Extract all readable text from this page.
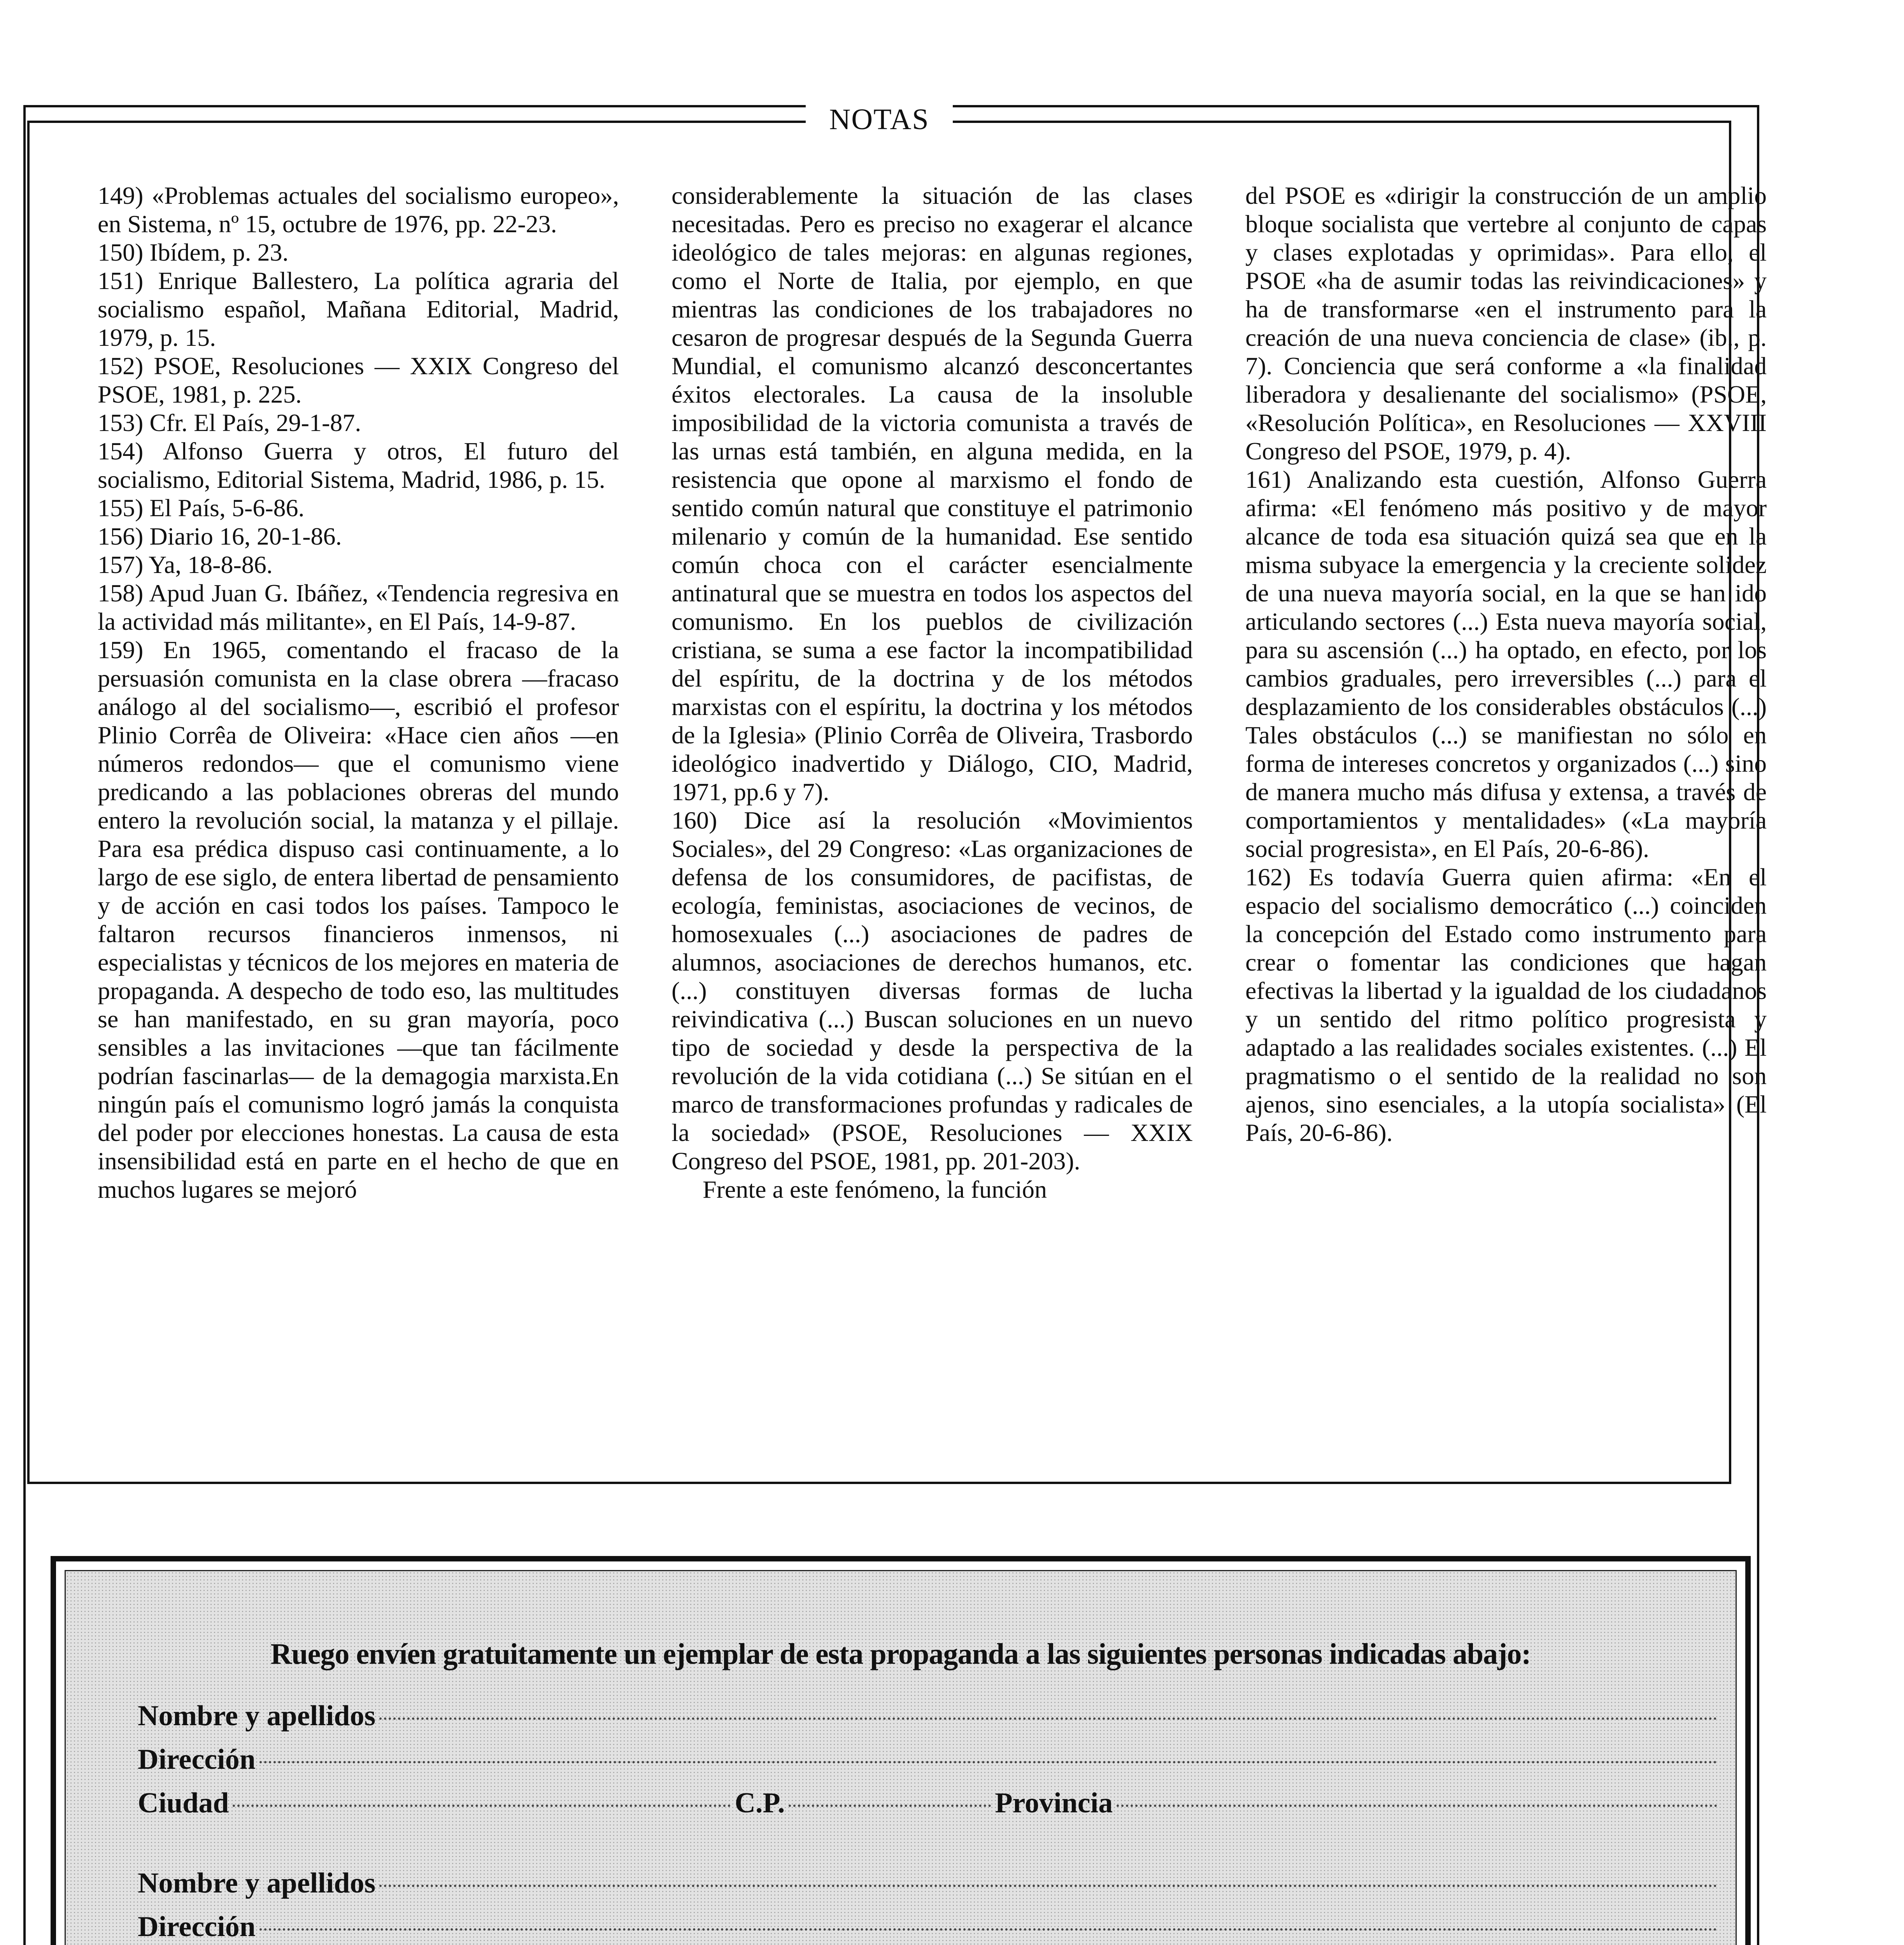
NOTAS

149) «Problemas actuales del socialismo europeo», en Sistema, nº 15, octubre de 1976, pp. 22-23.

150) Ibídem, p. 23.

151) Enrique Ballestero, La política agraria del socialismo español, Mañana Editorial, Madrid, 1979, p. 15.

152) PSOE, Resoluciones — XXIX Congreso del PSOE, 1981, p. 225.

153) Cfr. El País, 29-1-87.

154) Alfonso Guerra y otros, El futuro del socialismo, Editorial Sistema, Madrid, 1986, p. 15.

155) El País, 5-6-86.

156) Diario 16, 20-1-86.

157) Ya, 18-8-86.

158) Apud Juan G. Ibáñez, «Tendencia regresiva en la actividad más militante», en El País, 14-9-87.

159) En 1965, comentando el fracaso de la persuasión comunista en la clase obrera —fracaso análogo al del socialismo—, escribió el profesor Plinio Corrêa de Oliveira: «Hace cien años —en números redondos— que el comunismo viene predicando a las poblaciones obreras del mundo entero la revolución social, la matanza y el pillaje. Para esa prédica dispuso casi continuamente, a lo largo de ese siglo, de entera libertad de pensamiento y de acción en casi todos los países. Tampoco le faltaron recursos financieros inmensos, ni especialistas y técnicos de los mejores en materia de propaganda. A despecho de todo eso, las multitudes se han manifestado, en su gran mayoría, poco sensibles a las invitaciones —que tan fácilmente podrían fascinarlas— de la demagogia marxista.En ningún país el comunismo logró jamás la conquista del poder por elecciones honestas. La causa de esta insensibilidad está en parte en el hecho de que en muchos lugares se mejoró

considerablemente la situación de las clases necesitadas. Pero es preciso no exagerar el alcance ideológico de tales mejoras: en algunas regiones, como el Norte de Italia, por ejemplo, en que mientras las condiciones de los trabajadores no cesaron de progresar después de la Segunda Guerra Mundial, el comunismo alcanzó desconcertantes éxitos electorales. La causa de la insoluble imposibilidad de la victoria comunista a través de las urnas está también, en alguna medida, en la resistencia que opone al marxismo el fondo de sentido común natural que constituye el patrimonio milenario y común de la humanidad. Ese sentido común choca con el carácter esencialmente antinatural que se muestra en todos los aspectos del comunismo. En los pueblos de civilización cristiana, se suma a ese factor la incompatibilidad del espíritu, de la doctrina y de los métodos marxistas con el espíritu, la doctrina y los métodos de la Iglesia» (Plinio Corrêa de Oliveira, Trasbordo ideológico inadvertido y Diálogo, CIO, Madrid, 1971, pp.6 y 7).

160) Dice así la resolución «Movimientos Sociales», del 29 Congreso: «Las organizaciones de defensa de los consumidores, de pacifistas, de ecología, feministas, asociaciones de vecinos, de homosexuales (...) asociaciones de padres de alumnos, asociaciones de derechos humanos, etc. (...) constituyen diversas formas de lucha reivindicativa (...) Buscan soluciones en un nuevo tipo de sociedad y desde la perspectiva de la revolución de la vida cotidiana (...) Se sitúan en el marco de transformaciones profundas y radicales de la sociedad» (PSOE, Resoluciones — XXIX Congreso del PSOE, 1981, pp. 201-203).

Frente a este fenómeno, la función

del PSOE es «dirigir la construcción de un amplio bloque socialista que vertebre al conjunto de capas y clases explotadas y oprimidas». Para ello, el PSOE «ha de asumir todas las reivindicaciones» y ha de transformarse «en el instrumento para la creación de una nueva conciencia de clase» (ib., p. 7). Conciencia que será conforme a «la finalidad liberadora y desalienante del socialismo» (PSOE, «Resolución Política», en Resoluciones — XXVIII Congreso del PSOE, 1979, p. 4).

161) Analizando esta cuestión, Alfonso Guerra afirma: «El fenómeno más positivo y de mayor alcance de toda esa situación quizá sea que en la misma subyace la emergencia y la creciente solidez de una nueva mayoría social, en la que se han ido articulando sectores (...) Esta nueva mayoría social, para su ascensión (...) ha optado, en efecto, por los cambios graduales, pero irreversibles (...) para el desplazamiento de los considerables obstáculos (...) Tales obstáculos (...) se manifiestan no sólo en forma de intereses concretos y organizados (...) sino de manera mucho más difusa y extensa, a través de comportamientos y mentalidades» («La mayoría social progresista», en El País, 20-6-86).

162) Es todavía Guerra quien afirma: «En el espacio del socialismo democrático (...) coinciden la concepción del Estado como instrumento para crear o fomentar las condiciones que hagan efectivas la libertad y la igualdad de los ciudadanos y un sentido del ritmo político progresista y adaptado a las realidades sociales existentes. (...) El pragmatismo o el sentido de la realidad no son ajenos, sino esenciales, a la utopía socialista» (El País, 20-6-86).

Ruego envíen gratuitamente un ejemplar de esta propaganda a las siguientes personas indicadas abajo:
Nombre y apellidos
Dirección
Ciudad	C.P.	Provincia
Nombre y apellidos
Dirección
